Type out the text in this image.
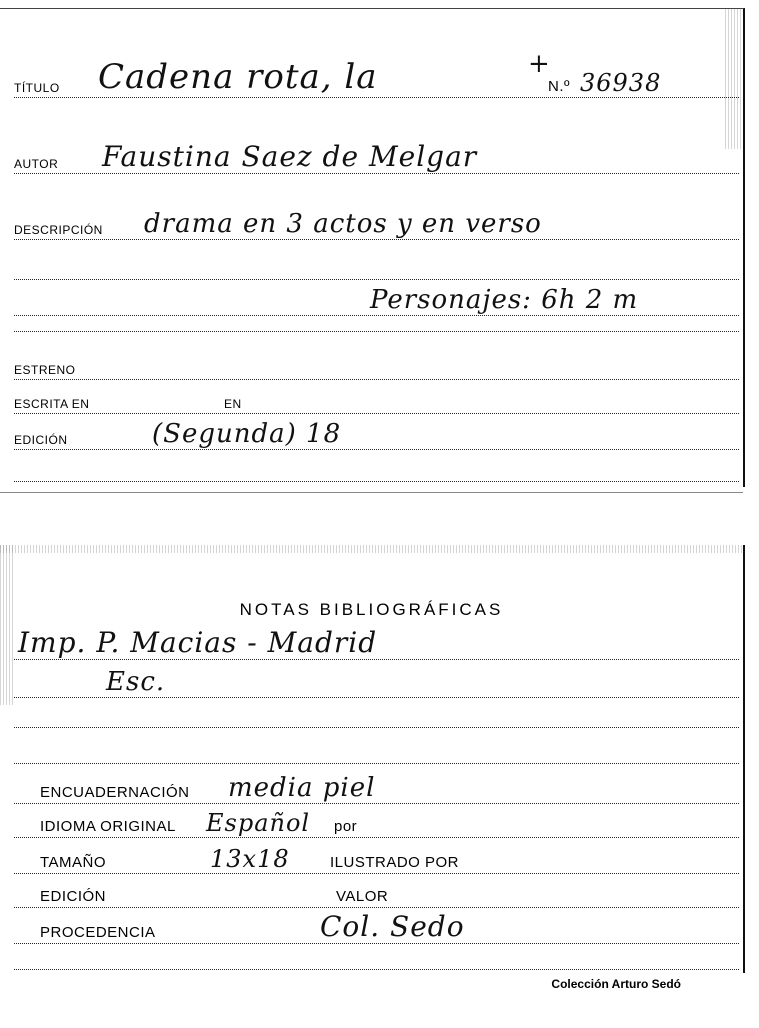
TÍTULO Cadena rota, la	N.º 36938
+
AUTOR Faustina Saez de Melgar
DESCRIPCIÓN drama en 3 actos y en verso
Personajes: 6h 2 m
ESTRENO
ESCRITA EN	EN
EDICIÓN	(Segunda) 18
NOTAS BIBLIOGRÁFICAS
Imp. P. Macias - Madrid
Esc.
ENCUADERNACIÓN media piel
IDIOMA ORIGINAL Español por
TAMAÑO	13x18	ILUSTRADO POR
EDICIÓN	VALOR
PROCEDENCIA	Col. Sedo
Colección Arturo Sedó
